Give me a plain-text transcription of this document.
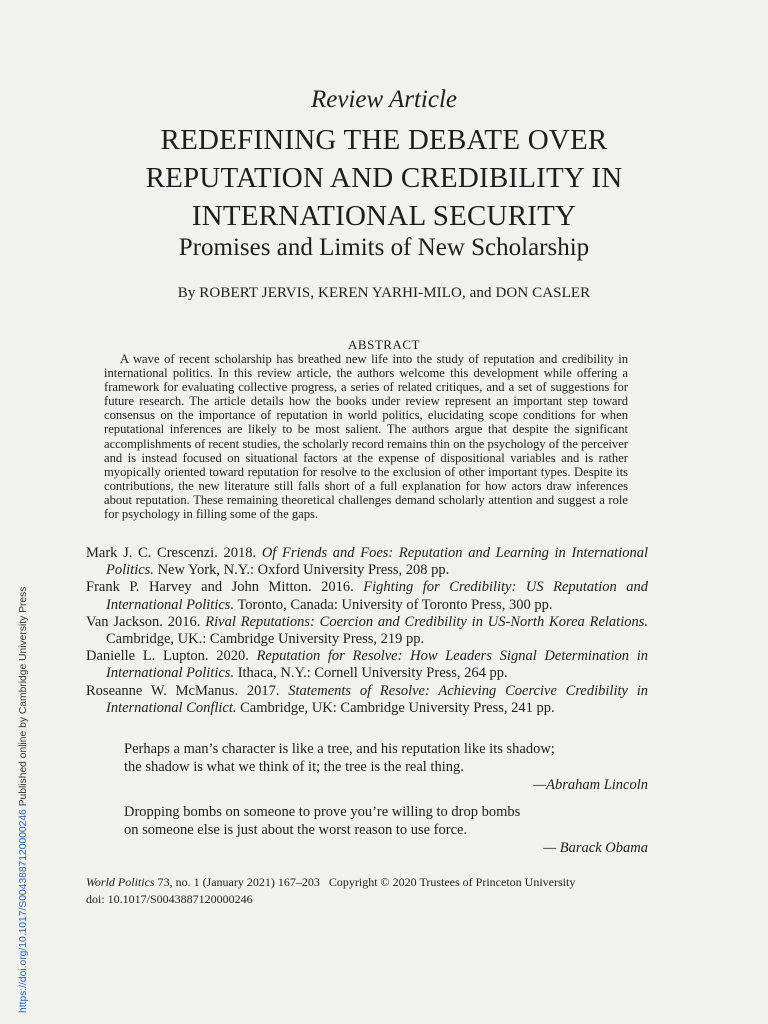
Review Article
REDEFINING THE DEBATE OVER
REPUTATION AND CREDIBILITY IN
INTERNATIONAL SECURITY
Promises and Limits of New Scholarship
By ROBERT JERVIS, KEREN YARHI-MILO, and DON CASLER
ABSTRACT
A wave of recent scholarship has breathed new life into the study of reputation and credibility in international politics. In this review article, the authors welcome this development while offering a framework for evaluating collective progress, a series of related critiques, and a set of suggestions for future research. The article details how the books under review represent an important step toward consensus on the importance of reputation in world politics, elucidating scope conditions for when reputational inferences are likely to be most salient. The authors argue that despite the significant accomplishments of recent studies, the scholarly record remains thin on the psychology of the perceiver and is instead focused on situational factors at the expense of dispositional variables and is rather myopically oriented toward reputation for resolve to the exclusion of other important types. Despite its contributions, the new literature still falls short of a full explanation for how actors draw inferences about reputation. These remaining theoretical challenges demand scholarly attention and suggest a role for psychology in filling some of the gaps.
Mark J. C. Crescenzi. 2018. Of Friends and Foes: Reputation and Learning in International Politics. New York, N.Y.: Oxford University Press, 208 pp.
Frank P. Harvey and John Mitton. 2016. Fighting for Credibility: US Reputation and International Politics. Toronto, Canada: University of Toronto Press, 300 pp.
Van Jackson. 2016. Rival Reputations: Coercion and Credibility in US-North Korea Relations. Cambridge, UK.: Cambridge University Press, 219 pp.
Danielle L. Lupton. 2020. Reputation for Resolve: How Leaders Signal Determination in International Politics. Ithaca, N.Y.: Cornell University Press, 264 pp.
Roseanne W. McManus. 2017. Statements of Resolve: Achieving Coercive Credibility in International Conflict. Cambridge, UK: Cambridge University Press, 241 pp.
Perhaps a man’s character is like a tree, and his reputation like its shadow;
the shadow is what we think of it; the tree is the real thing.
—Abraham Lincoln
Dropping bombs on someone to prove you’re willing to drop bombs
on someone else is just about the worst reason to use force.
— Barack Obama
World Politics 73, no. 1 (January 2021) 167–203 Copyright © 2020 Trustees of Princeton University
doi: 10.1017/S0043887120000246
https://doi.org/10.1017/S0043887120000246 Published online by Cambridge University Press
